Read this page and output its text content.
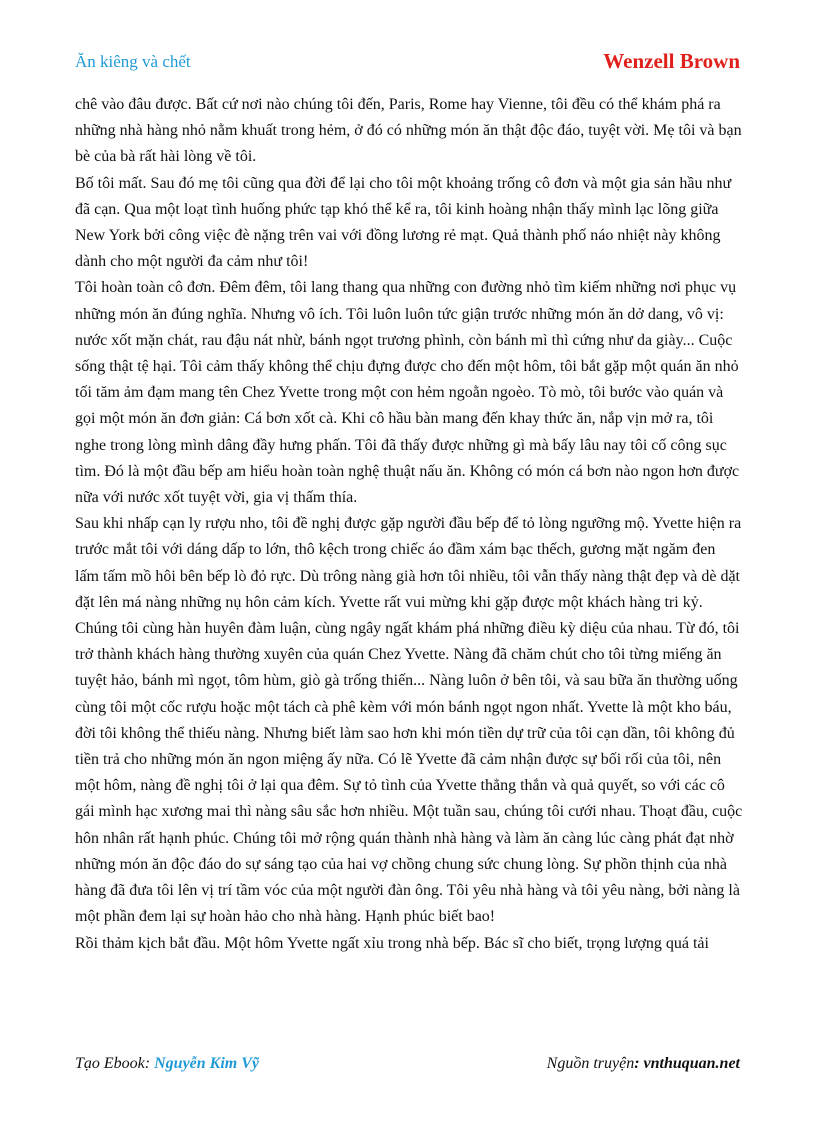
Ăn kiêng và chết	Wenzell Brown

chê vào đâu được. Bất cứ nơi nào chúng tôi đến, Paris, Rome hay Vienne, tôi đều có thể khám phá ra những nhà hàng nhỏ nằm khuất trong hẻm, ở đó có những món ăn thật độc đáo, tuyệt vời. Mẹ tôi và bạn bè của bà rất hài lòng về tôi.

Bố tôi mất. Sau đó mẹ tôi cũng qua đời để lại cho tôi một khoảng trống cô đơn và một gia sản hầu như đã cạn. Qua một loạt tình huống phức tạp khó thể kể ra, tôi kinh hoàng nhận thấy mình lạc lõng giữa New York bởi công việc đè nặng trên vai với đồng lương rẻ mạt. Quả thành phố náo nhiệt này không dành cho một người đa cảm như tôi!

Tôi hoàn toàn cô đơn. Đêm đêm, tôi lang thang qua những con đường nhỏ tìm kiếm những nơi phục vụ những món ăn đúng nghĩa. Nhưng vô ích. Tôi luôn luôn tức giận trước những món ăn dở dang, vô vị: nước xốt mặn chát, rau đậu nát nhừ, bánh ngọt trương phình, còn bánh mì thì cứng như da giày... Cuộc sống thật tệ hại. Tôi cảm thấy không thể chịu đựng được cho đến một hôm, tôi bắt gặp một quán ăn nhỏ tối tăm ảm đạm mang tên Chez Yvette trong một con hẻm ngoằn ngoèo. Tò mò, tôi bước vào quán và gọi một món ăn đơn giản: Cá bơn xốt cà. Khi cô hầu bàn mang đến khay thức ăn, nắp vịn mở ra, tôi nghe trong lòng mình dâng đầy hưng phấn. Tôi đã thấy được những gì mà bấy lâu nay tôi cố công sục tìm. Đó là một đầu bếp am hiểu hoàn toàn nghệ thuật nấu ăn. Không có món cá bơn nào ngon hơn được nữa với nước xốt tuyệt vời, gia vị thấm thía.

Sau khi nhấp cạn ly rượu nho, tôi đề nghị được gặp người đầu bếp để tỏ lòng ngưỡng mộ. Yvette hiện ra trước mắt tôi với dáng dấp to lớn, thô kệch trong chiếc áo đầm xám bạc thếch, gương mặt ngăm đen lấm tấm mồ hôi bên bếp lò đỏ rực. Dù trông nàng già hơn tôi nhiều, tôi vẫn thấy nàng thật đẹp và dè dặt đặt lên má nàng những nụ hôn cảm kích. Yvette rất vui mừng khi gặp được một khách hàng tri kỷ. Chúng tôi cùng hàn huyên đàm luận, cùng ngây ngất khám phá những điều kỳ diệu của nhau. Từ đó, tôi trở thành khách hàng thường xuyên của quán Chez Yvette. Nàng đã chăm chút cho tôi từng miếng ăn tuyệt hảo, bánh mì ngọt, tôm hùm, giò gà trống thiến... Nàng luôn ở bên tôi, và sau bữa ăn thường uống cùng tôi một cốc rượu hoặc một tách cà phê kèm với món bánh ngọt ngon nhất. Yvette là một kho báu, đời tôi không thể thiếu nàng. Nhưng biết làm sao hơn khi món tiền dự trữ của tôi cạn dần, tôi không đủ tiền trả cho những món ăn ngon miệng ấy nữa. Có lẽ Yvette đã cảm nhận được sự bối rối của tôi, nên một hôm, nàng đề nghị tôi ở lại qua đêm. Sự tỏ tình của Yvette thẳng thắn và quả quyết, so với các cô gái mình hạc xương mai thì nàng sâu sắc hơn nhiều. Một tuần sau, chúng tôi cưới nhau. Thoạt đầu, cuộc hôn nhân rất hạnh phúc. Chúng tôi mở rộng quán thành nhà hàng và làm ăn càng lúc càng phát đạt nhờ những món ăn độc đáo do sự sáng tạo của hai vợ chồng chung sức chung lòng. Sự phồn thịnh của nhà hàng đã đưa tôi lên vị trí tầm vóc của một người đàn ông. Tôi yêu nhà hàng và tôi yêu nàng, bởi nàng là một phần đem lại sự hoàn hảo cho nhà hàng. Hạnh phúc biết bao!

Rồi thảm kịch bắt đầu. Một hôm Yvette ngất xỉu trong nhà bếp. Bác sĩ cho biết, trọng lượng quá tải

Tạo Ebook: Nguyễn Kim Vỹ	Nguồn truyện: vnthuquan.net
